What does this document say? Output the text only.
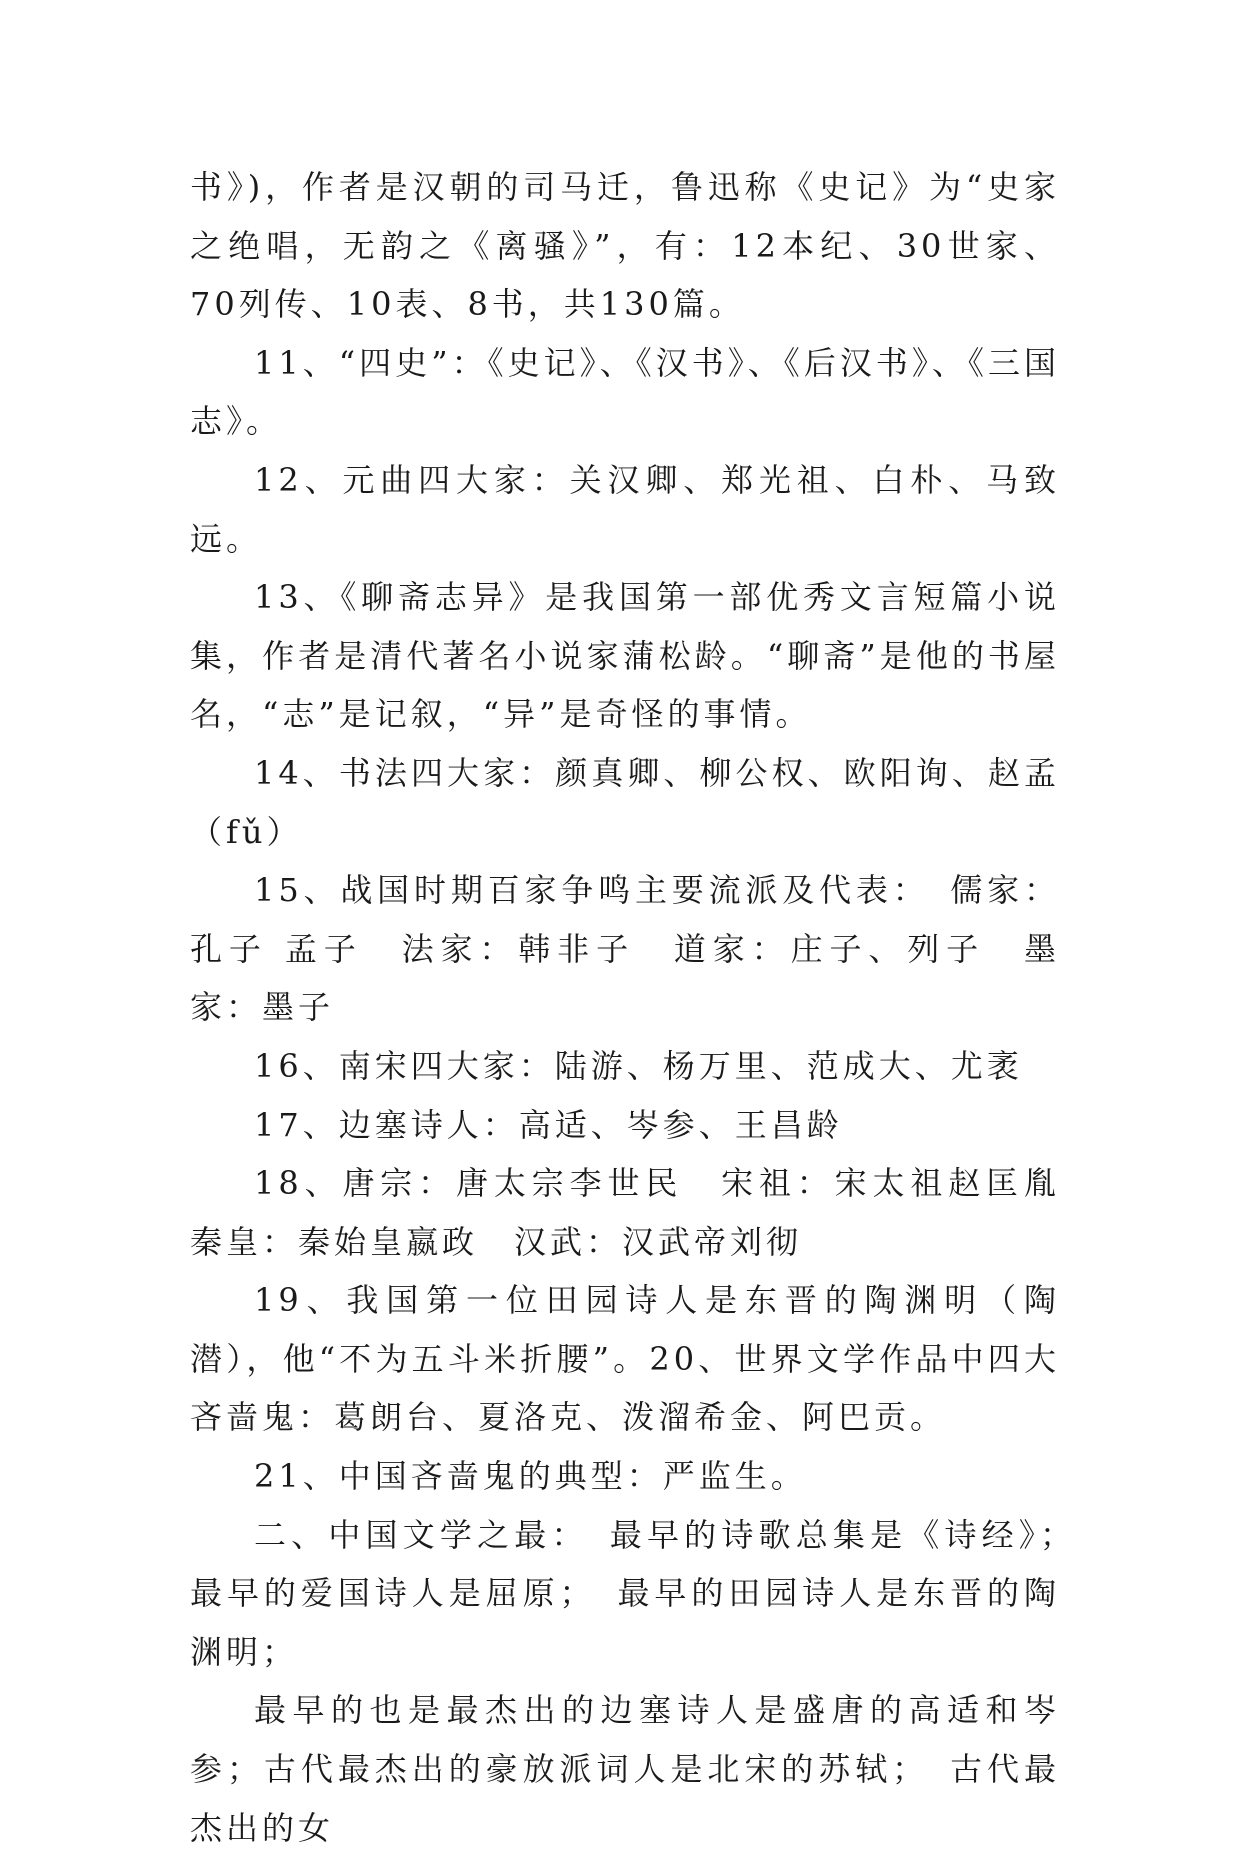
书》)，作者是汉朝的司马迁，鲁迅称《史记》为“史家之绝唱，无韵之《离骚》”，有：12本纪、30世家、70列传、10表、8书，共130篇。

11、“四史”：《史记》、《汉书》、《后汉书》、《三国志》。

12、元曲四大家：关汉卿、郑光祖、白朴、马致远。

13、《聊斋志异》是我国第一部优秀文言短篇小说集，作者是清代著名小说家蒲松龄。“聊斋”是他的书屋名，“志”是记叙，“异”是奇怪的事情。

14、书法四大家：颜真卿、柳公权、欧阳询、赵孟（fǔ）

15、战国时期百家争鸣主要流派及代表：　儒家：孔子 孟子　法家：韩非子　道家：庄子、列子　墨家：墨子

16、南宋四大家：陆游、杨万里、范成大、尤袤

17、边塞诗人：高适、岑参、王昌龄

18、唐宗：唐太宗李世民　宋祖：宋太祖赵匡胤　秦皇：秦始皇嬴政　汉武：汉武帝刘彻

19、我国第一位田园诗人是东晋的陶渊明（陶潜），他“不为五斗米折腰”。20、世界文学作品中四大吝啬鬼：葛朗台、夏洛克、泼溜希金、阿巴贡。

21、中国吝啬鬼的典型：严监生。

二、中国文学之最：　最早的诗歌总集是《诗经》；　最早的爱国诗人是屈原；　最早的田园诗人是东晋的陶渊明；

最早的也是最杰出的边塞诗人是盛唐的高适和岑参；古代最杰出的豪放派词人是北宋的苏轼；　古代最杰出的女
